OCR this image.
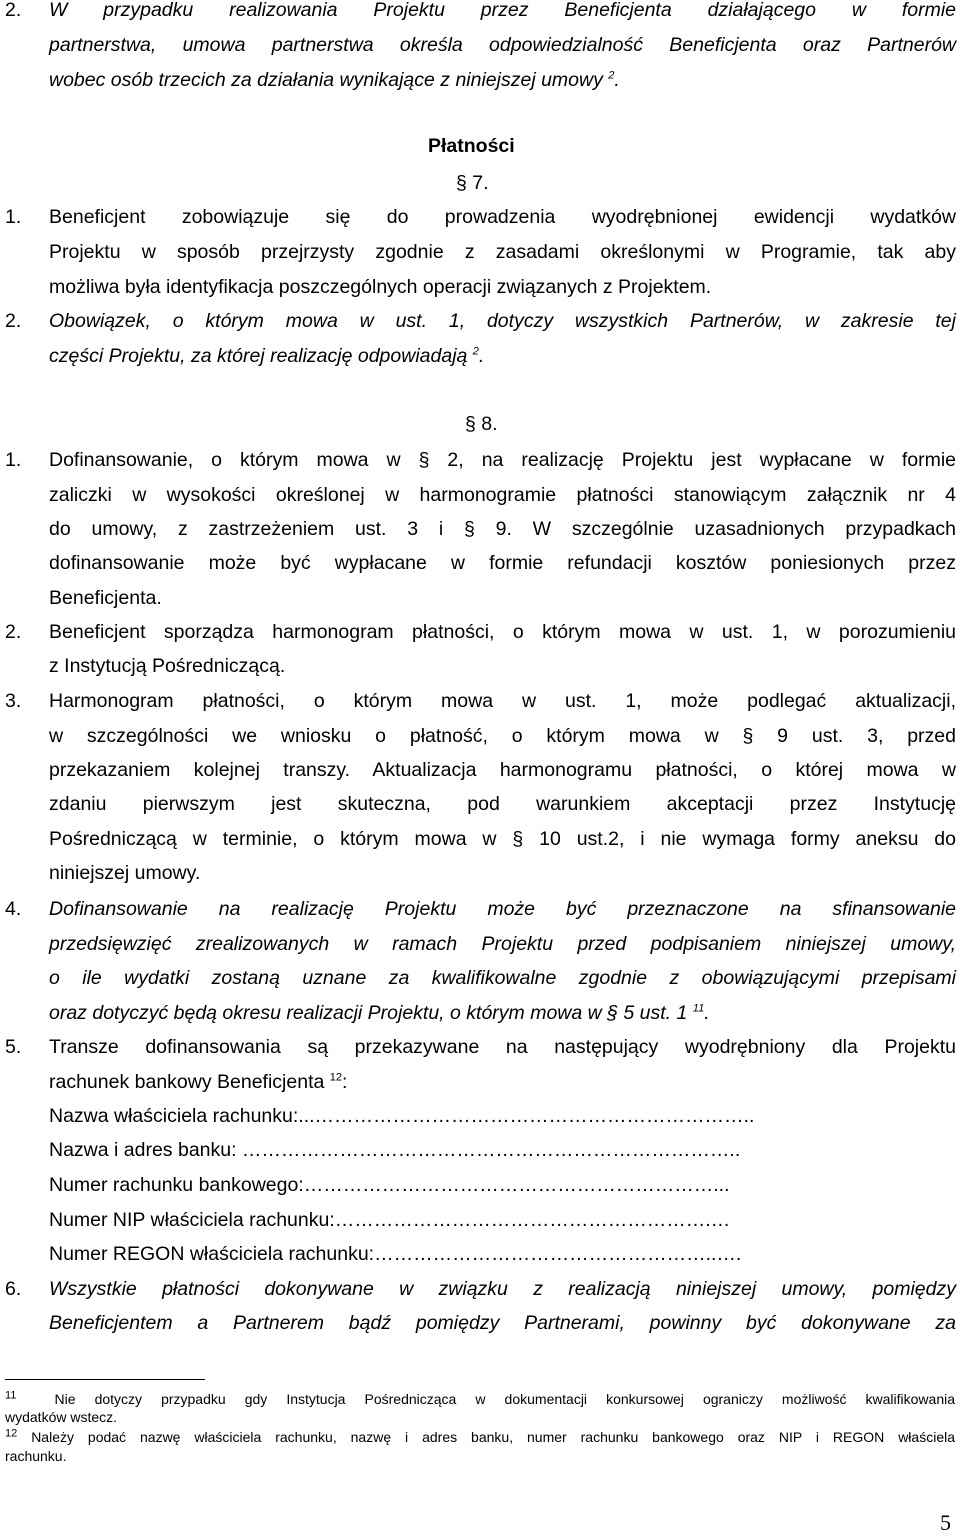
2. W przypadku realizowania Projektu przez Beneficjenta działającego w formie
partnerstwa, umowa partnerstwa określa odpowiedzialność Beneficjenta oraz Partnerów
wobec osób trzecich za działania wynikające z niniejszej umowy $^2$.
Płatności
§ 7.
1. Beneficjent zobowiązuje się do prowadzenia wyodrębnionej ewidencji wydatków
Projektu w sposób przejrzysty zgodnie z zasadami określonymi w Programie, tak aby
możliwa była identyfikacja poszczególnych operacji związanych z Projektem.
2. Obowiązek, o którym mowa w ust. 1, dotyczy wszystkich Partnerów, w zakresie tej
części Projektu, za której realizację odpowiadają $^2$.
§ 8.
1. Dofinansowanie, o którym mowa w § 2, na realizację Projektu jest wypłacane w formie
zaliczki w wysokości określonej w harmonogramie płatności stanowiącym załącznik nr 4
do umowy, z zastrzeżeniem ust. 3 i § 9. W szczególnie uzasadnionych przypadkach
dofinansowanie może być wypłacane w formie refundacji kosztów poniesionych przez
Beneficjenta.
2. Beneficjent sporządza harmonogram płatności, o którym mowa w ust. 1, w porozumieniu
z Instytucją Pośredniczącą.
3. Harmonogram płatności, o którym mowa w ust. 1, może podlegać aktualizacji,
w szczególności we wniosku o płatność, o którym mowa w § 9 ust. 3, przed
przekazaniem kolejnej transzy. Aktualizacja harmonogramu płatności, o której mowa w
zdaniu pierwszym jest skuteczna, pod warunkiem akceptacji przez Instytucję
Pośredniczącą w terminie, o którym mowa w § 10 ust.2, i nie wymaga formy aneksu do
niniejszej umowy.
4. Dofinansowanie na realizację Projektu może być przeznaczone na sfinansowanie
przedsięwzięć zrealizowanych w ramach Projektu przed podpisaniem niniejszej umowy,
o ile wydatki zostaną uznane za kwalifikowalne zgodnie z obowiązującymi przepisami
oraz dotyczyć będą okresu realizacji Projektu, o którym mowa w § 5 ust. 1 $^{11}$.
5. Transze dofinansowania są przekazywane na następujący wyodrębniony dla Projektu
rachunek bankowy Beneficjenta $^{12}$:
Nazwa właściciela rachunku:...…………………………………………………………..
Nazwa i adres banku: …………………………………………………………………..
Numer rachunku bankowego:………………………………………………………...
Numer NIP właściciela rachunku:………………………………………………….…
Numer REGON właściciela rachunku:……………………………………………..….
6. Wszystkie płatności dokonywane w związku z realizacją niniejszej umowy, pomiędzy
Beneficjentem a Partnerem bądź pomiędzy Partnerami, powinny być dokonywane za
$^{11}$	Nie dotyczy przypadku gdy Instytucja Pośrednicząca w dokumentacji konkursowej ograniczy możliwość kwalifikowania
wydatków wstecz.
$^{12}$ Należy podać nazwę właściciela rachunku, nazwę i adres banku, numer rachunku bankowego oraz NIP i REGON właściela
rachunku.
5
